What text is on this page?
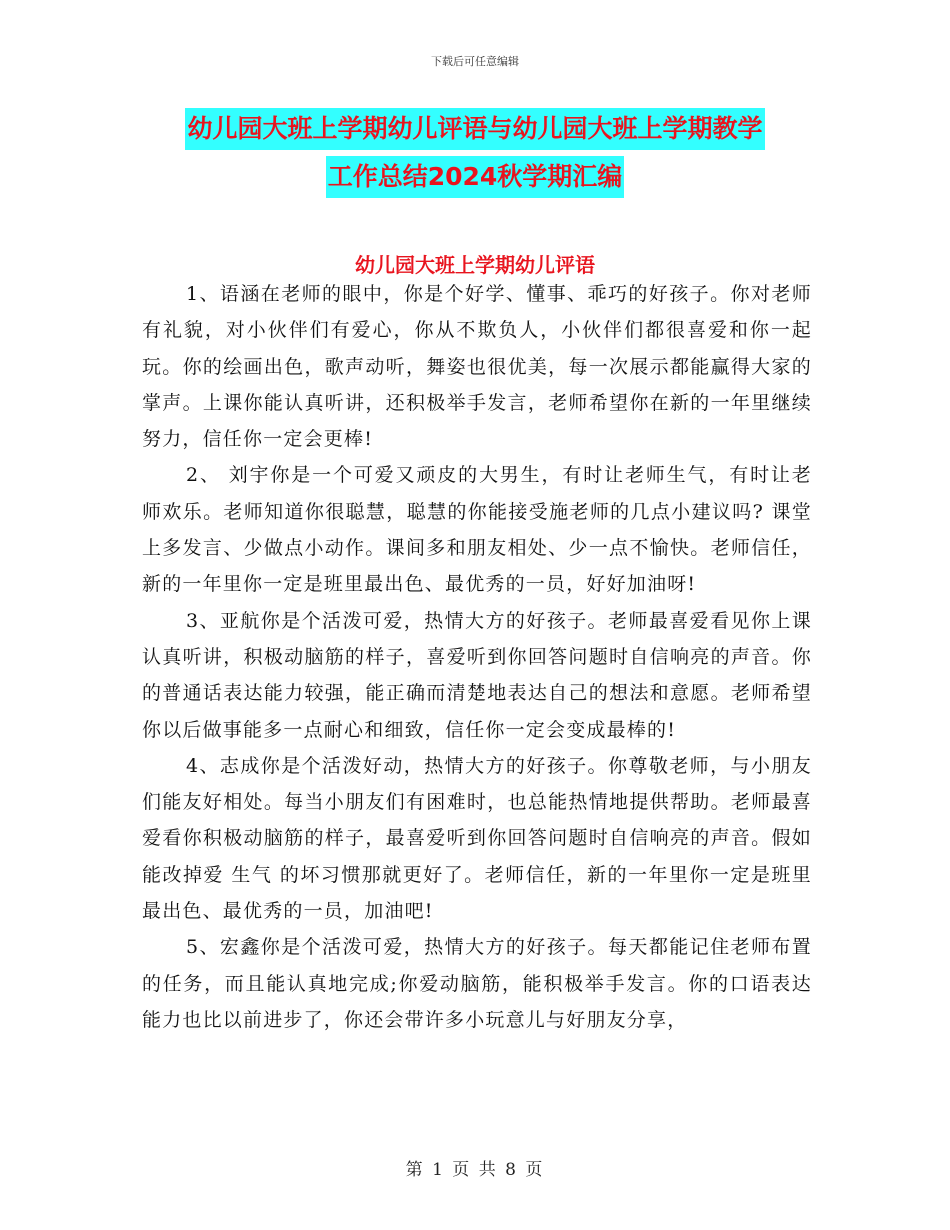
下载后可任意编辑
幼儿园大班上学期幼儿评语与幼儿园大班上学期教学
工作总结2024秋学期汇编
幼儿园大班上学期幼儿评语

1、语涵在老师的眼中，你是个好学、懂事、乖巧的好孩子。你对老师有礼貌，对小伙伴们有爱心，你从不欺负人，小伙伴们都很喜爱和你一起玩。你的绘画出色，歌声动听，舞姿也很优美，每一次展示都能赢得大家的掌声。上课你能认真听讲，还积极举手发言，老师希望你在新的一年里继续努力，信任你一定会更棒!

2、 刘宇你是一个可爱又顽皮的大男生，有时让老师生气，有时让老师欢乐。老师知道你很聪慧，聪慧的你能接受施老师的几点小建议吗? 课堂上多发言、少做点小动作。课间多和朋友相处、少一点不愉快。老师信任，新的一年里你一定是班里最出色、最优秀的一员，好好加油呀!

3、亚航你是个活泼可爱，热情大方的好孩子。老师最喜爱看见你上课认真听讲，积极动脑筋的样子，喜爱听到你回答问题时自信响亮的声音。你的普通话表达能力较强，能正确而清楚地表达自己的想法和意愿。老师希望你以后做事能多一点耐心和细致，信任你一定会变成最棒的!

4、志成你是个活泼好动，热情大方的好孩子。你尊敬老师，与小朋友们能友好相处。每当小朋友们有困难时，也总能热情地提供帮助。老师最喜爱看你积极动脑筋的样子，最喜爱听到你回答问题时自信响亮的声音。假如能改掉爱 生气 的坏习惯那就更好了。老师信任，新的一年里你一定是班里最出色、最优秀的一员，加油吧!

5、宏鑫你是个活泼可爱，热情大方的好孩子。每天都能记住老师布置的任务，而且能认真地完成;你爱动脑筋，能积极举手发言。你的口语表达能力也比以前进步了，你还会带许多小玩意儿与好朋友分享，

第 1 页 共 8 页
